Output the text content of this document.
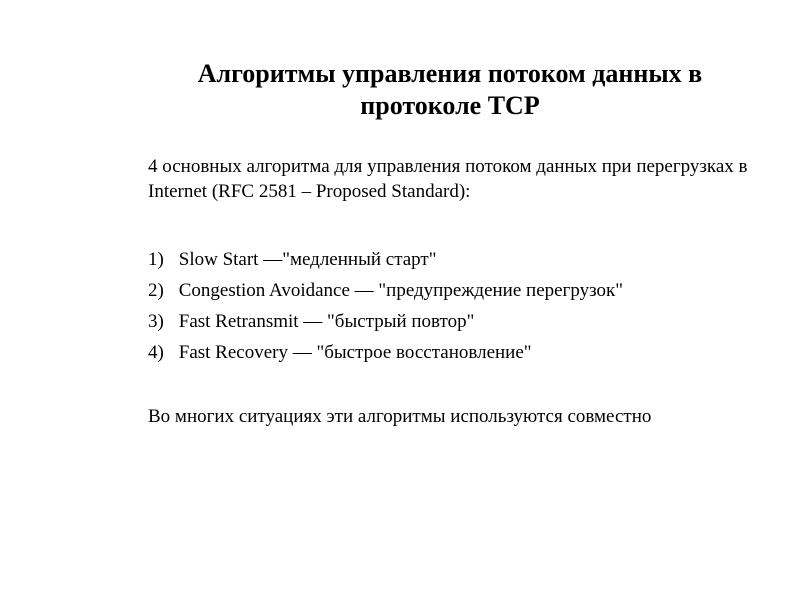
Алгоритмы управления потоком данных в протоколе TCP
4 основных алгоритма для управления потоком данных при перегрузках в Internet (RFC 2581 – Proposed Standard):
1) Slow Start —"медленный старт"
2) Congestion Avoidance — "предупреждение перегрузок"
3) Fast Retransmit — "быстрый повтор"
4) Fast Recovery — "быстрое восстановление"
Во многих ситуациях эти алгоритмы используются совместно
